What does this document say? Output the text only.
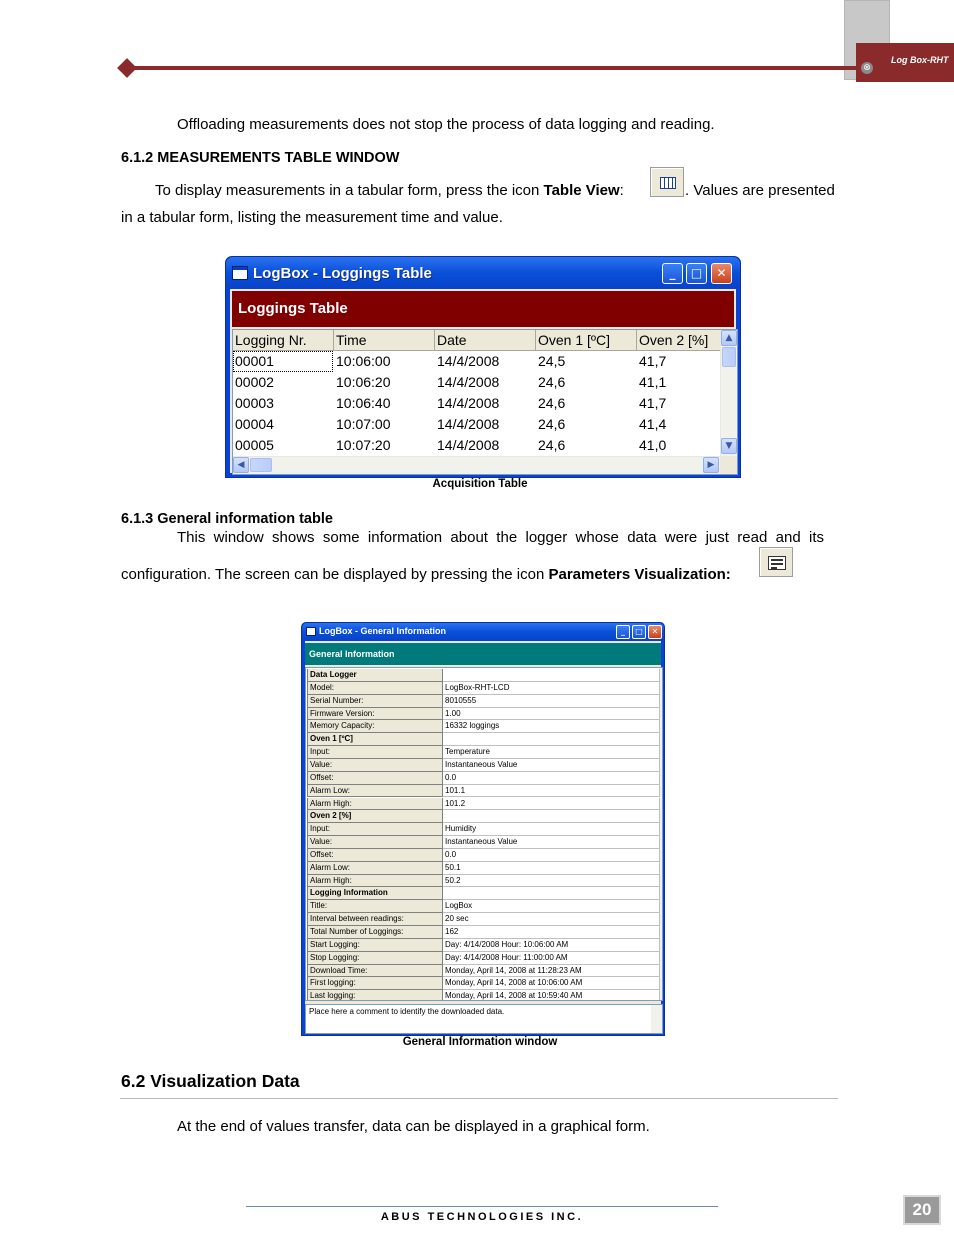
Log Box-RHT
⊗
Offloading measurements does not stop the process of data logging and reading.
6.1.2 MEASUREMENTS TABLE WINDOW
To display measurements in a tabular form, press the icon Table View:	. Values are presented
in a tabular form, listing the measurement time and value.
LogBox - Loggings Table	_	□	✕
Loggings Table
Logging Nr.	Time	Date	Oven 1 [ºC]	Oven 2 [%]
00001	10:06:00	14/4/2008	24,5	41,7
00002	10:06:20	14/4/2008	24,6	41,1
00003	10:06:40	14/4/2008	24,6	41,7
00004	10:07:00	14/4/2008	24,6	41,4
00005	10:07:20	14/4/2008	24,6	41,0
▲
▼
◀	▶
Acquisition Table
6.1.3 General information table
This  window  shows  some  information  about  the  logger  whose  data  were  just  read  and  its
configuration. The screen can be displayed by pressing the icon Parameters Visualization:
LogBox - General Information	_	□	✕
General Information
Data Logger
Model:	LogBox-RHT-LCD
Serial Number:	8010555
Firmware Version:	1.00
Memory Capacity:	16332 loggings
Oven 1 [ºC]
Input:	Temperature
Value:	Instantaneous Value
Offset:	0.0
Alarm Low:	101.1
Alarm High:	101.2
Oven 2 [%]
Input:	Humidity
Value:	Instantaneous Value
Offset:	0.0
Alarm Low:	50.1
Alarm High:	50.2
Logging Information
Title:	LogBox
Interval between readings:	20 sec
Total Number of Loggings:	162
Start Logging:	Day: 4/14/2008 Hour: 10:06:00 AM
Stop Logging:	Day: 4/14/2008 Hour: 11:00:00 AM
Download Time:	Monday, April 14, 2008 at 11:28:23 AM
First logging:	Monday, April 14, 2008 at 10:06:00 AM
Last logging:	Monday, April 14, 2008 at 10:59:40 AM
Place here a comment to identify the downloaded data.
General Information window
6.2 Visualization Data
At the end of values transfer, data can be displayed in a graphical form.
ABUS TECHNOLOGIES INC.	20
